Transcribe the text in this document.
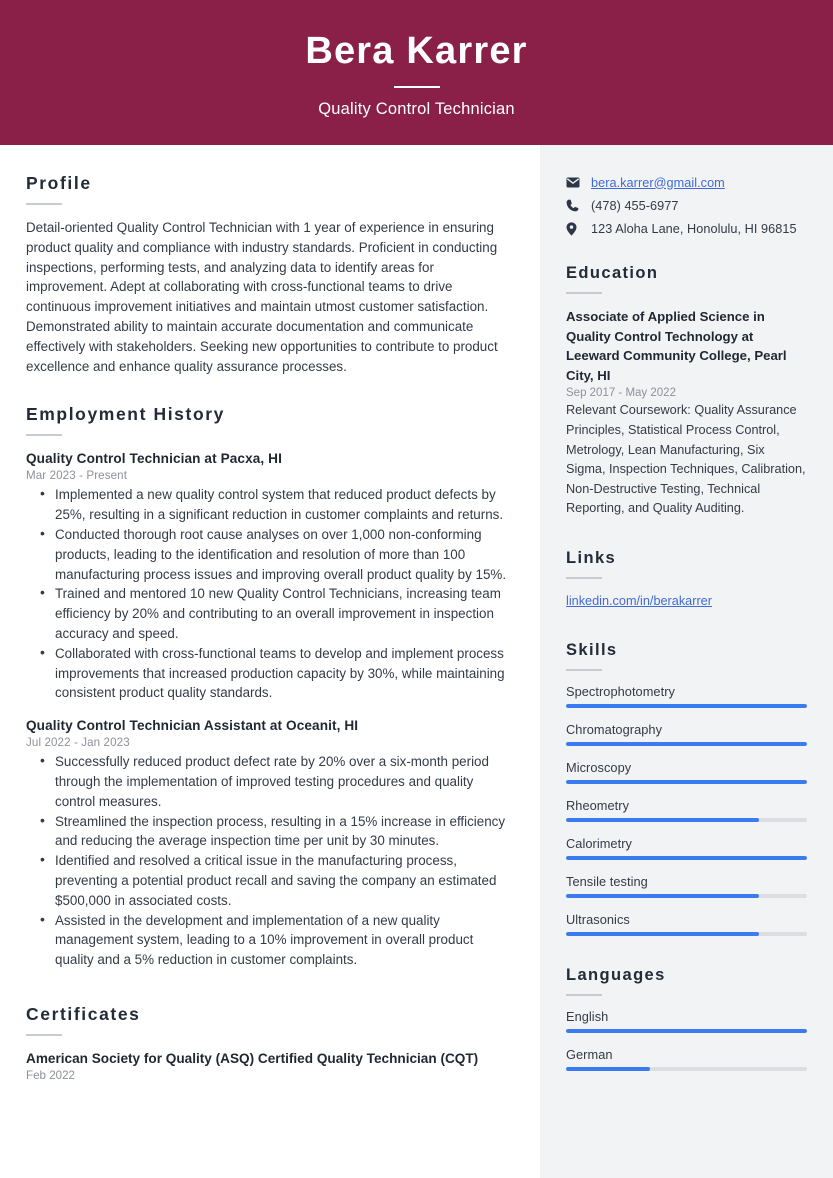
Bera Karrer
Quality Control Technician
Profile
Detail-oriented Quality Control Technician with 1 year of experience in ensuring product quality and compliance with industry standards. Proficient in conducting inspections, performing tests, and analyzing data to identify areas for improvement. Adept at collaborating with cross-functional teams to drive continuous improvement initiatives and maintain utmost customer satisfaction. Demonstrated ability to maintain accurate documentation and communicate effectively with stakeholders. Seeking new opportunities to contribute to product excellence and enhance quality assurance processes.
Employment History
Quality Control Technician at Pacxa, HI
Mar 2023 - Present
• Implemented a new quality control system that reduced product defects by 25%, resulting in a significant reduction in customer complaints and returns.
• Conducted thorough root cause analyses on over 1,000 non-conforming products, leading to the identification and resolution of more than 100 manufacturing process issues and improving overall product quality by 15%.
• Trained and mentored 10 new Quality Control Technicians, increasing team efficiency by 20% and contributing to an overall improvement in inspection accuracy and speed.
• Collaborated with cross-functional teams to develop and implement process improvements that increased production capacity by 30%, while maintaining consistent product quality standards.
Quality Control Technician Assistant at Oceanit, HI
Jul 2022 - Jan 2023
• Successfully reduced product defect rate by 20% over a six-month period through the implementation of improved testing procedures and quality control measures.
• Streamlined the inspection process, resulting in a 15% increase in efficiency and reducing the average inspection time per unit by 30 minutes.
• Identified and resolved a critical issue in the manufacturing process, preventing a potential product recall and saving the company an estimated $500,000 in associated costs.
• Assisted in the development and implementation of a new quality management system, leading to a 10% improvement in overall product quality and a 5% reduction in customer complaints.
Certificates
American Society for Quality (ASQ) Certified Quality Technician (CQT)
Feb 2022
bera.karrer@gmail.com
(478) 455-6977
123 Aloha Lane, Honolulu, HI 96815
Education
Associate of Applied Science in Quality Control Technology at Leeward Community College, Pearl City, HI
Sep 2017 - May 2022
Relevant Coursework: Quality Assurance Principles, Statistical Process Control, Metrology, Lean Manufacturing, Six Sigma, Inspection Techniques, Calibration, Non-Destructive Testing, Technical Reporting, and Quality Auditing.
Links
linkedin.com/in/berakarrer
Skills
Spectrophotometry
Chromatography
Microscopy
Rheometry
Calorimetry
Tensile testing
Ultrasonics
Languages
English
German
